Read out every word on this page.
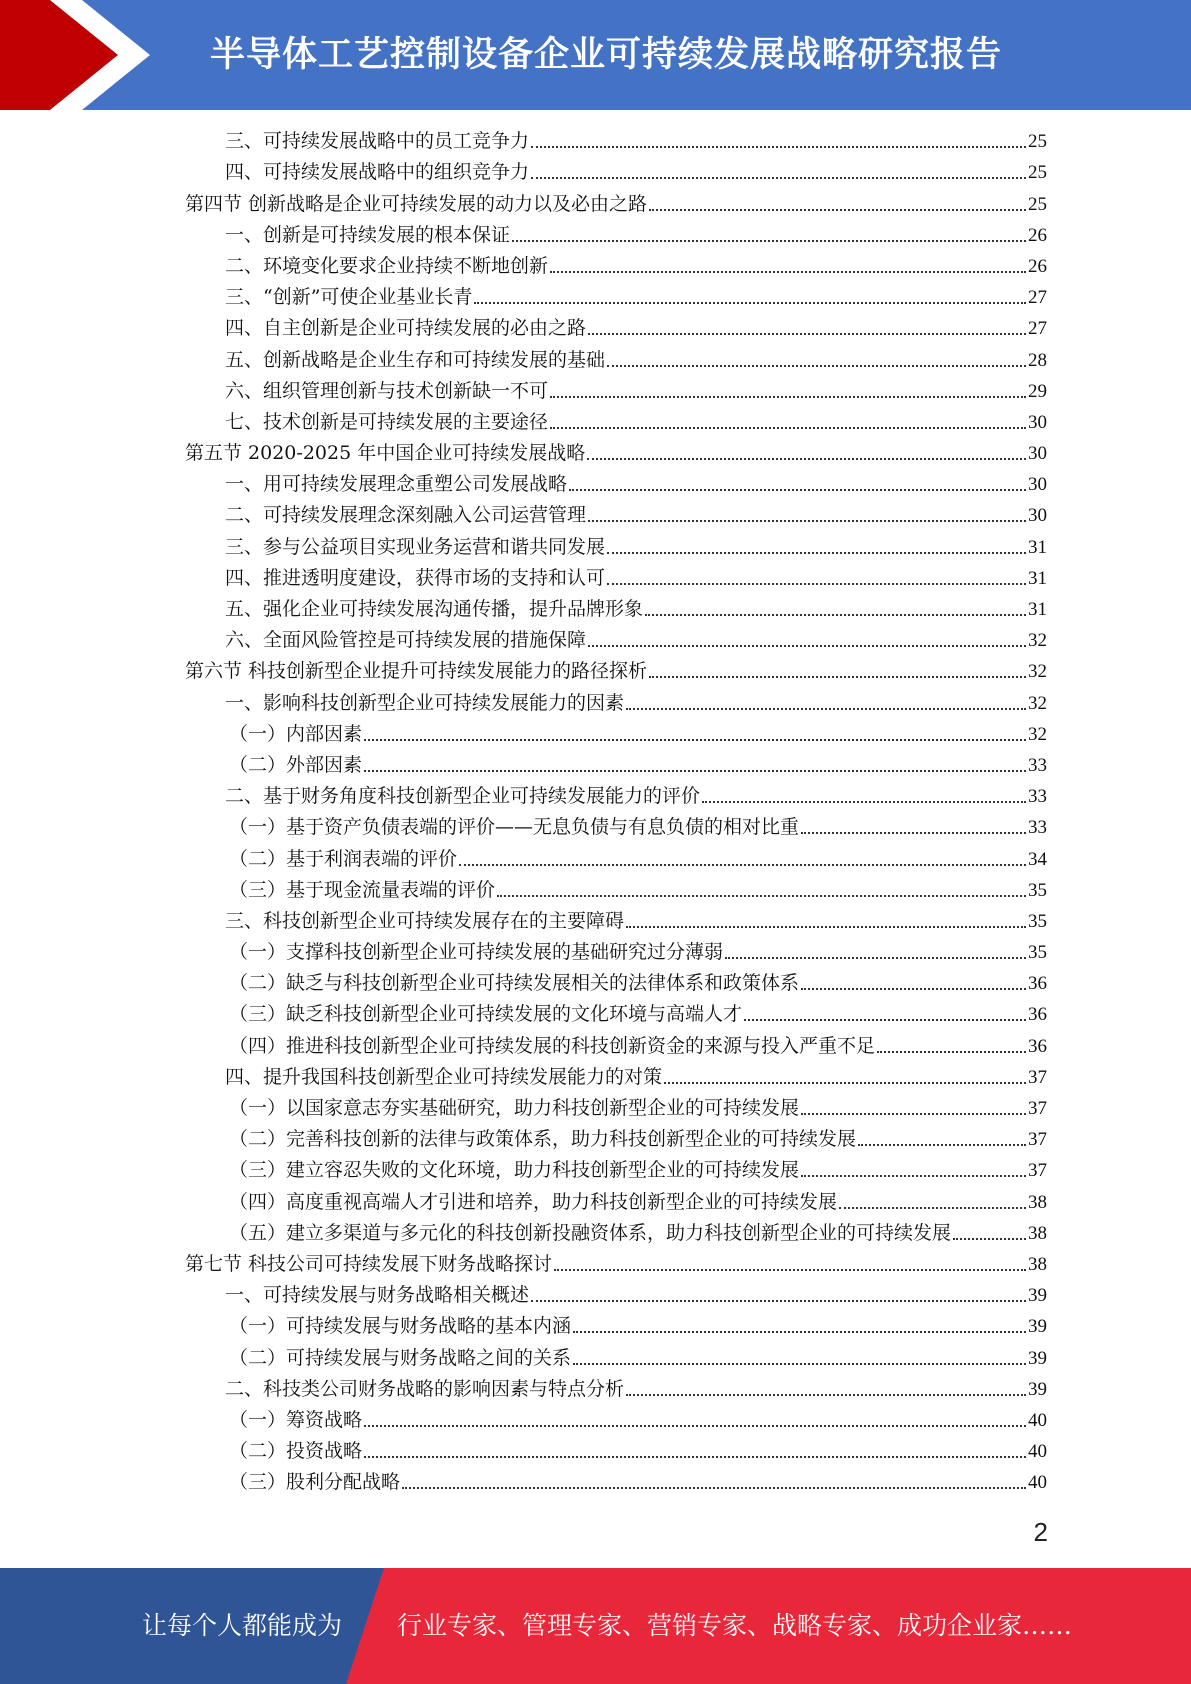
半导体工艺控制设备企业可持续发展战略研究报告
三、可持续发展战略中的员工竞争力	25
四、可持续发展战略中的组织竞争力	25
第四节 创新战略是企业可持续发展的动力以及必由之路	25
一、创新是可持续发展的根本保证	26
二、环境变化要求企业持续不断地创新	26
三、“创新”可使企业基业长青	27
四、自主创新是企业可持续发展的必由之路	27
五、创新战略是企业生存和可持续发展的基础	28
六、组织管理创新与技术创新缺一不可	29
七、技术创新是可持续发展的主要途径	30
第五节 2020-2025 年中国企业可持续发展战略	30
一、用可持续发展理念重塑公司发展战略	30
二、可持续发展理念深刻融入公司运营管理	30
三、参与公益项目实现业务运营和谐共同发展	31
四、推进透明度建设，获得市场的支持和认可	31
五、强化企业可持续发展沟通传播，提升品牌形象	31
六、全面风险管控是可持续发展的措施保障	32
第六节 科技创新型企业提升可持续发展能力的路径探析	32
一、影响科技创新型企业可持续发展能力的因素	32
（一）内部因素	32
（二）外部因素	33
二、基于财务角度科技创新型企业可持续发展能力的评价	33
（一）基于资产负债表端的评价——无息负债与有息负债的相对比重	33
（二）基于利润表端的评价	34
（三）基于现金流量表端的评价	35
三、科技创新型企业可持续发展存在的主要障碍	35
（一）支撑科技创新型企业可持续发展的基础研究过分薄弱	35
（二）缺乏与科技创新型企业可持续发展相关的法律体系和政策体系	36
（三）缺乏科技创新型企业可持续发展的文化环境与高端人才	36
（四）推进科技创新型企业可持续发展的科技创新资金的来源与投入严重不足	36
四、提升我国科技创新型企业可持续发展能力的对策	37
（一）以国家意志夯实基础研究，助力科技创新型企业的可持续发展	37
（二）完善科技创新的法律与政策体系，助力科技创新型企业的可持续发展	37
（三）建立容忍失败的文化环境，助力科技创新型企业的可持续发展	37
（四）高度重视高端人才引进和培养，助力科技创新型企业的可持续发展	38
（五）建立多渠道与多元化的科技创新投融资体系，助力科技创新型企业的可持续发展	38
第七节 科技公司可持续发展下财务战略探讨	38
一、可持续发展与财务战略相关概述	39
（一）可持续发展与财务战略的基本内涵	39
（二）可持续发展与财务战略之间的关系	39
二、科技类公司财务战略的影响因素与特点分析	39
（一）筹资战略	40
（二）投资战略	40
（三）股利分配战略	40
2
让每个人都能成为 行业专家、管理专家、营销专家、战略专家、成功企业家……
